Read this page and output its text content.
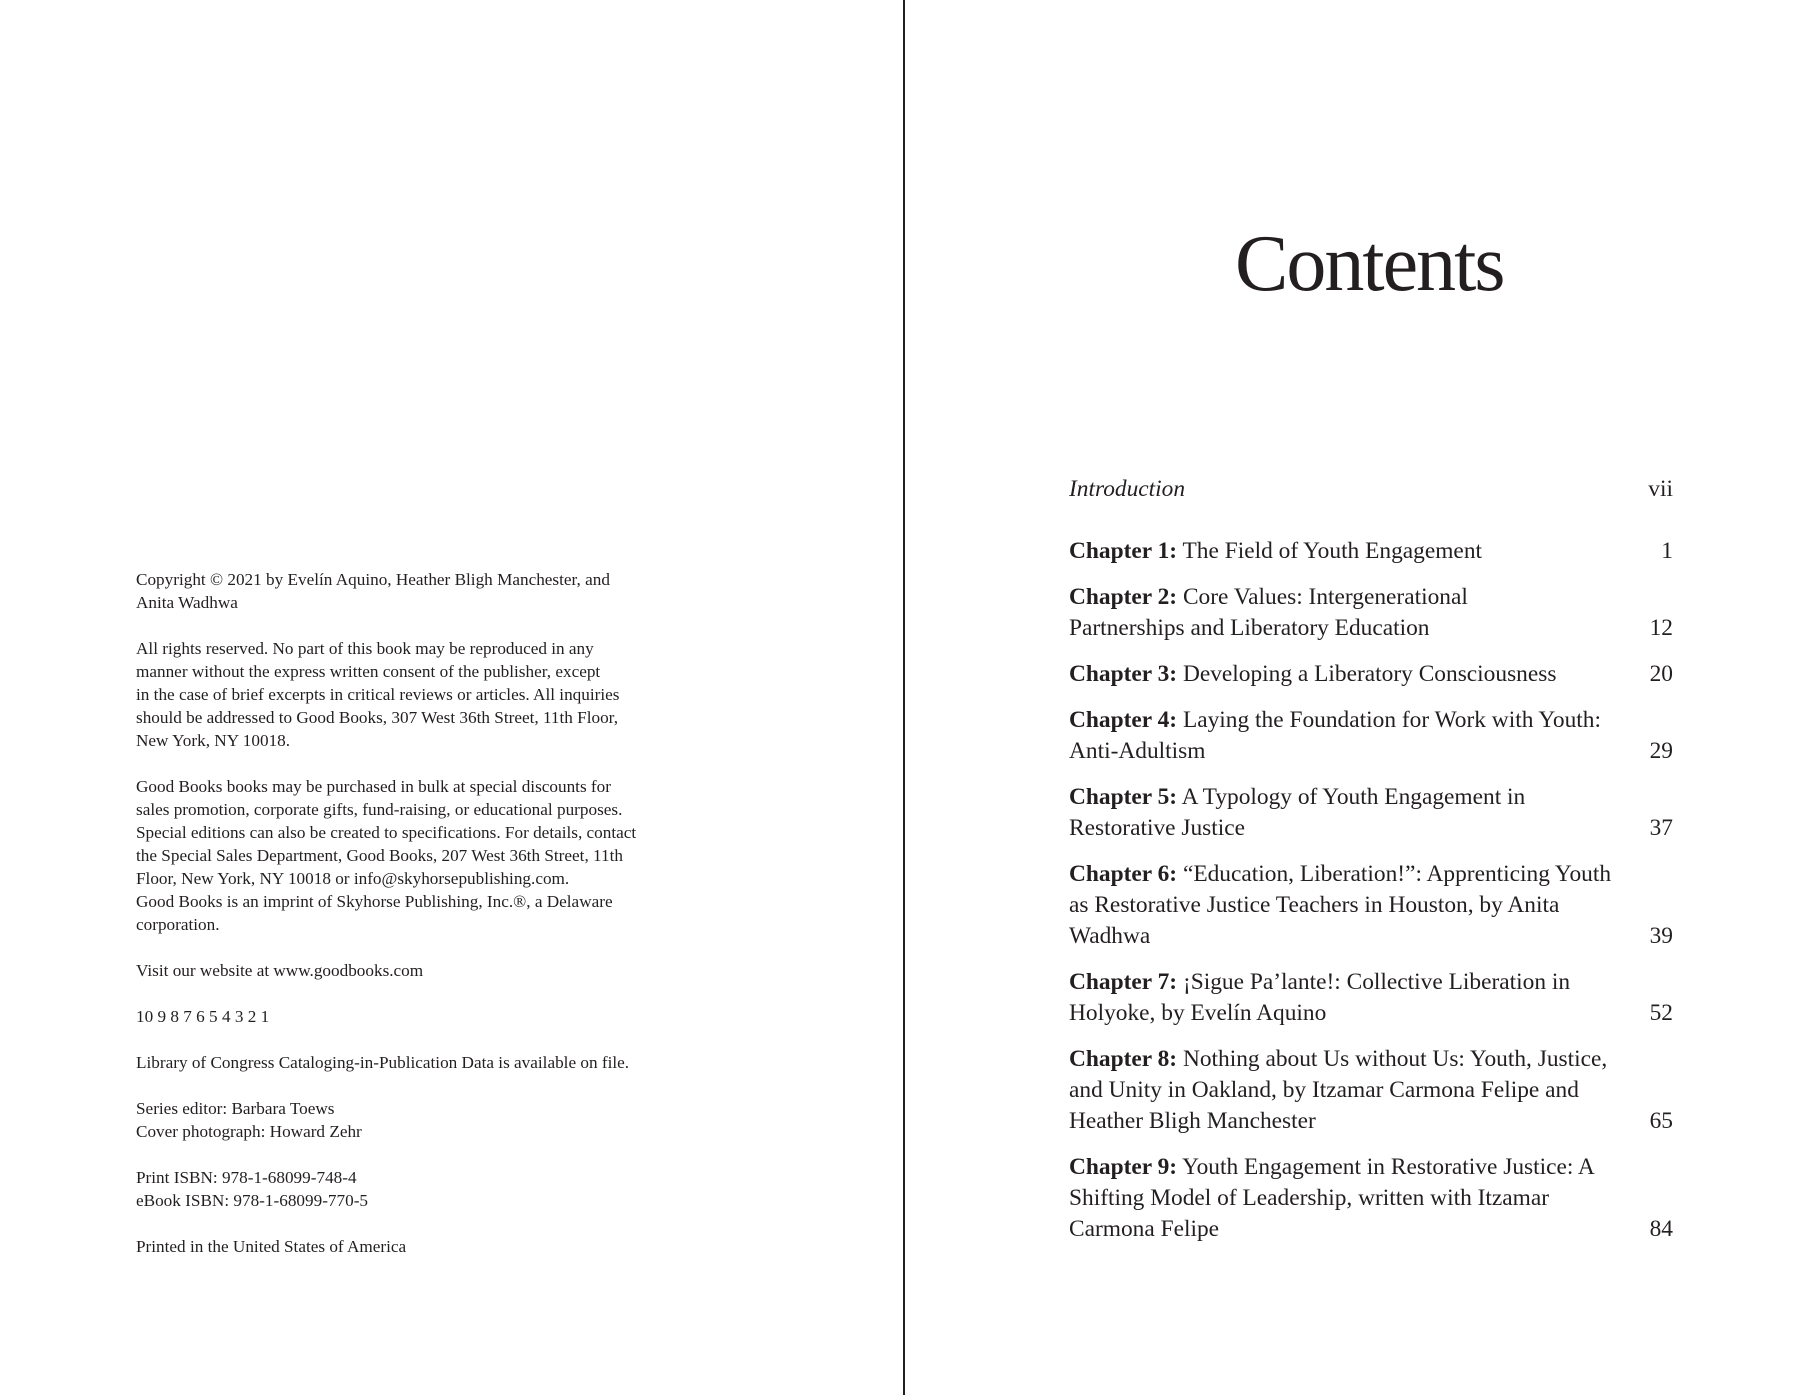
Copyright © 2021 by Evelín Aquino, Heather Bligh Manchester, and
Anita Wadhwa

All rights reserved. No part of this book may be reproduced in any
manner without the express written consent of the publisher, except
in the case of brief excerpts in critical reviews or articles. All inquiries
should be addressed to Good Books, 307 West 36th Street, 11th Floor,
New York, NY 10018.

Good Books books may be purchased in bulk at special discounts for
sales promotion, corporate gifts, fund-raising, or educational purposes.
Special editions can also be created to specifications. For details, contact
the Special Sales Department, Good Books, 207 West 36th Street, 11th
Floor, New York, NY 10018 or info@skyhorsepublishing.com.
Good Books is an imprint of Skyhorse Publishing, Inc.®, a Delaware
corporation.

Visit our website at www.goodbooks.com

10 9 8 7 6 5 4 3 2 1

Library of Congress Cataloging-in-Publication Data is available on file.

Series editor: Barbara Toews
Cover photograph: Howard Zehr

Print ISBN: 978-1-68099-748-4
eBook ISBN: 978-1-68099-770-5

Printed in the United States of America

Contents
Introduction	vii
Chapter 1: The Field of Youth Engagement	1
Chapter 2: Core Values: Intergenerational Partnerships and Liberatory Education	12
Chapter 3: Developing a Liberatory Consciousness	20
Chapter 4: Laying the Foundation for Work with Youth: Anti-Adultism	29
Chapter 5: A Typology of Youth Engagement in Restorative Justice	37
Chapter 6: “Education, Liberation!”: Apprenticing Youth as Restorative Justice Teachers in Houston, by Anita Wadhwa	39
Chapter 7: ¡Sigue Pa’lante!: Collective Liberation in Holyoke, by Evelín Aquino	52
Chapter 8: Nothing about Us without Us: Youth, Justice, and Unity in Oakland, by Itzamar Carmona Felipe and Heather Bligh Manchester	65
Chapter 9: Youth Engagement in Restorative Justice: A Shifting Model of Leadership, written with Itzamar Carmona Felipe	84
